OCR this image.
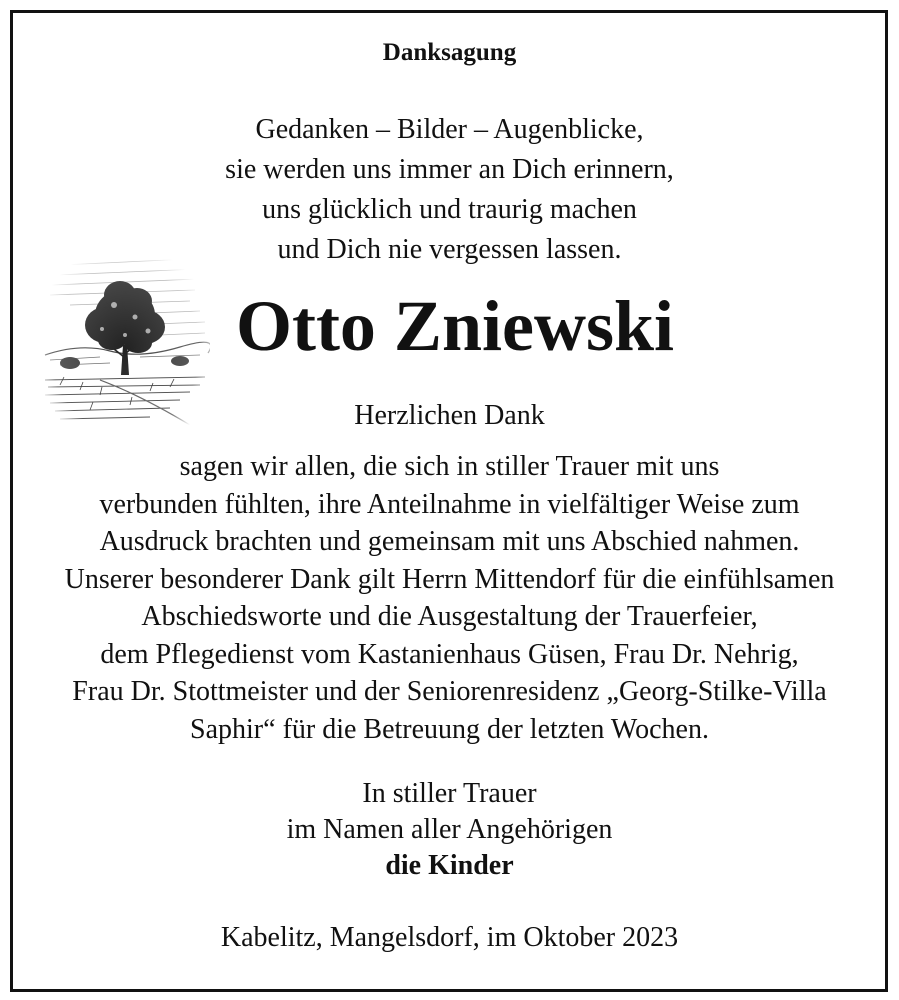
Danksagung
Gedanken – Bilder – Augenblicke,
sie werden uns immer an Dich erinnern,
uns glücklich und traurig machen
und Dich nie vergessen lassen.
Otto Zniewski
Herzlichen Dank
sagen wir allen, die sich in stiller Trauer mit uns
verbunden fühlten, ihre Anteilnahme in vielfältiger Weise zum
Ausdruck brachten und gemeinsam mit uns Abschied nahmen.
Unserer besonderer Dank gilt Herrn Mittendorf für die einfühlsamen
Abschiedsworte und die Ausgestaltung der Trauerfeier,
dem Pflegedienst vom Kastanienhaus Güsen, Frau Dr. Nehrig,
Frau Dr. Stottmeister und der Seniorenresidenz „Georg-Stilke-Villa
Saphir“ für die Betreuung der letzten Wochen.
In stiller Trauer
im Namen aller Angehörigen
die Kinder
Kabelitz, Mangelsdorf, im Oktober 2023
